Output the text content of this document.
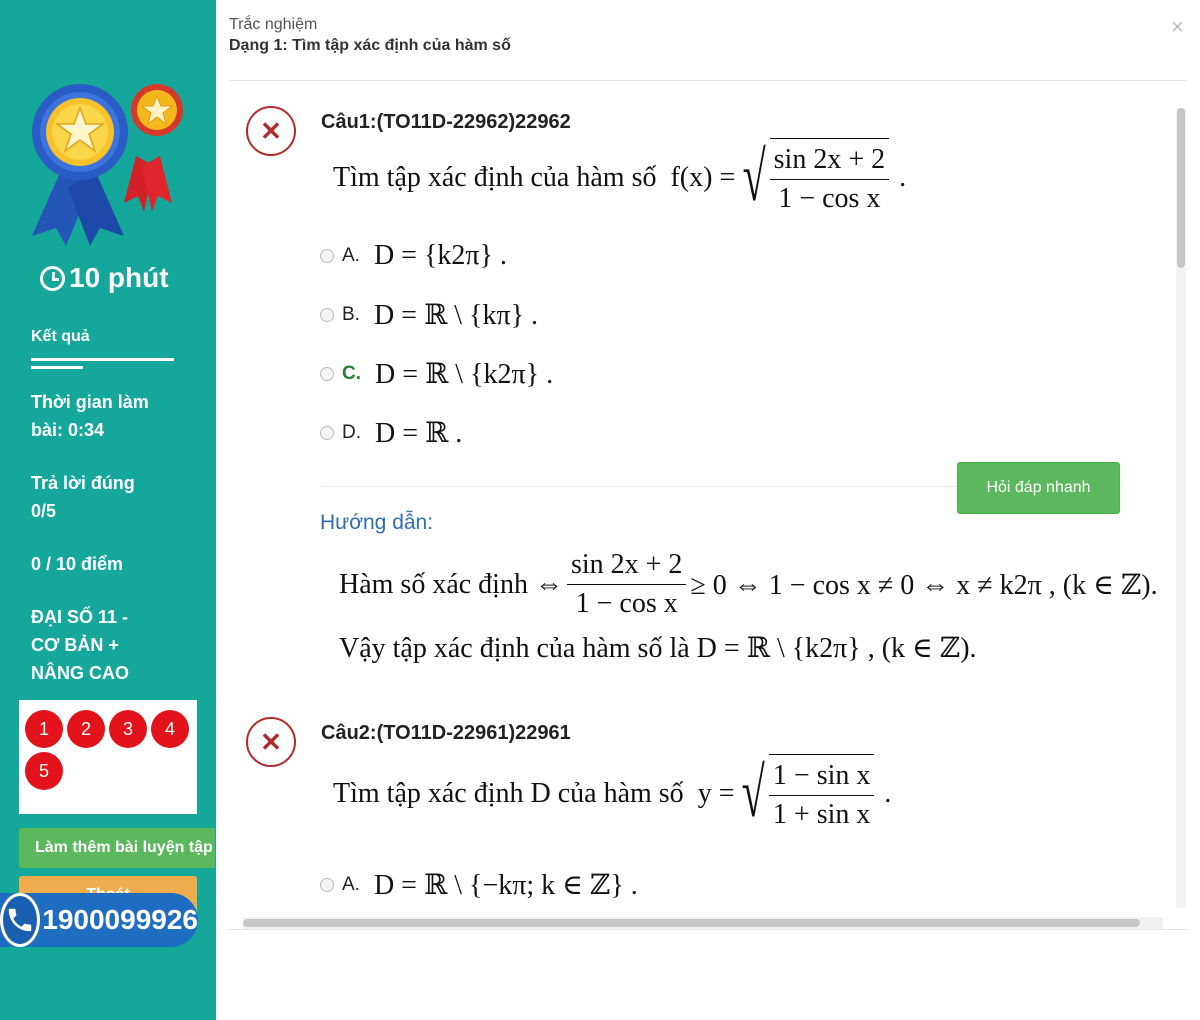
10 phút
Kết quả
Thời gian làm
bài: 0:34
Trả lời đúng
0/5
0 / 10 điểm
ĐẠI SỐ 11 -
CƠ BẢN +
NÂNG CAO
1	2	3	4
5
Làm thêm bài luyện tập
1900099926
Trắc nghiệm
Dạng 1: Tìm tập xác định của hàm số
×
✕	Câu1:(TO11D-22962)22962
Tìm tập xác định của hàm số f(x) = √ $\frac{\sin 2x + 2}{\text{1 − cos x}}$ .
A. D = {k2π} .
B. D = ℝ \ {kπ} .
C. D = ℝ \ {k2π} .
D. D = ℝ .
Hỏi đáp nhanh
Hướng dẫn:
Hàm số xác định ⇔ $\frac{\sin 2x + 2}{\text{1 − cos x}} \ge 0$ ⇔ 1 − cos x ≠ 0 ⇔ x ≠ k2π , (k ∈ ℤ).
Vậy tập xác định của hàm số là D = ℝ \ {k2π} , (k ∈ ℤ).
✕	Câu2:(TO11D-22961)22961
Tìm tập xác định D của hàm số y = √ $\frac{\text{1 − sin x}}{\text{1 + sin x}}$ .
A. D = ℝ \ {−kπ; k ∈ ℤ} .
